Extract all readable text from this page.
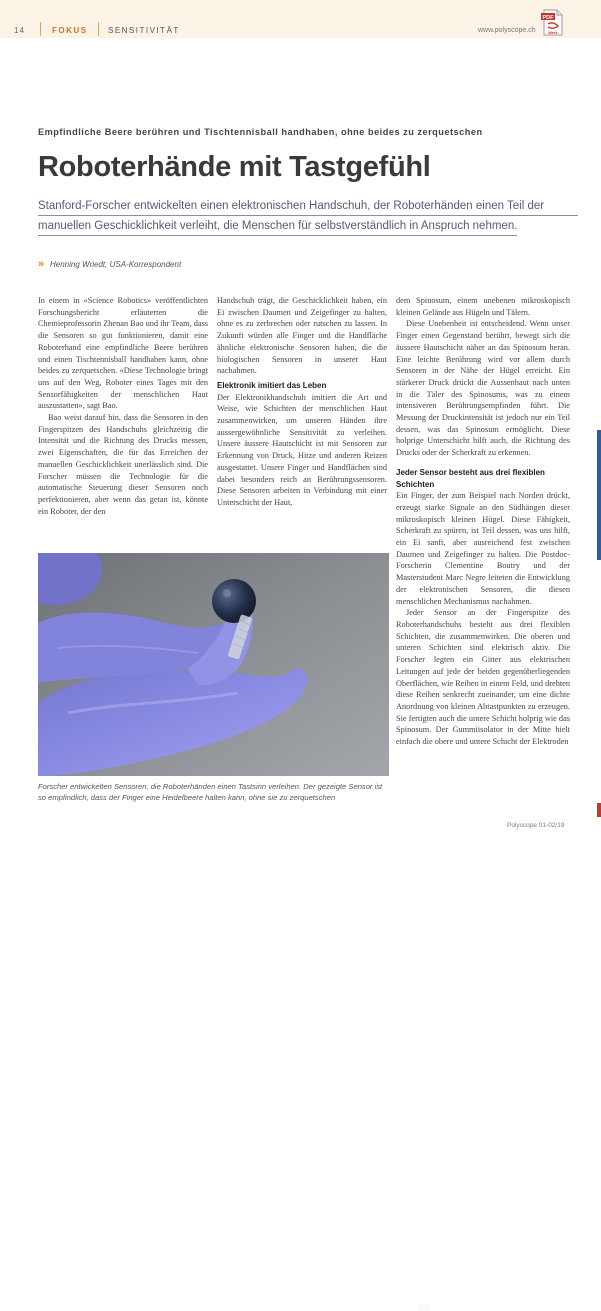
14	FOKUS	SENSITIVITÄT	www.polyscope.ch
PDF
Merk
Empfindliche Beere berühren und Tischtennisball handhaben, ohne beides zu zerquetschen
Roboterhände mit Tastgefühl
Stanford-Forscher entwickelten einen elektronischen Handschuh, der Roboterhänden einen Teil der
manuellen Geschicklichkeit verleiht, die Menschen für selbstverständlich in Anspruch nehmen.
» Henning Wriedt, USA-Korrespondent

In einem in «Science Robotics» veröffentlichten Forschungsbericht erläuterten die Chemieprofessorin Zhenan Bao und ihr Team, dass die Sensoren so gut funktionieren, damit eine Roboterhand eine empfindliche Beere berühren und einen Tischtennisball handhaben kann, ohne beides zu zerquetschen. «Diese Technologie bringt uns auf den Weg, Roboter eines Tages mit den Sensorfähigkeiten der menschlichen Haut auszustatten», sagt Bao.

Bao weist darauf hin, dass die Sensoren in den Fingerspitzen des Handschuhs gleichzeitig die Intensität und die Richtung des Drucks messen, zwei Eigenschaften, die für das Erreichen der manuellen Geschicklichkeit unerlässlich sind. Die Forscher müssen die Technologie für die automatische Steuerung dieser Sensoren noch perfektionieren, aber wenn das getan ist, könnte ein Roboter, der den

Handschuh trägt, die Geschicklichkeit haben, ein Ei zwischen Daumen und Zeigefinger zu halten, ohne es zu zerbrechen oder rutschen zu lassen. In Zukunft würden alle Finger und die Handfläche ähnliche elektronische Sensoren haben, die die biologischen Sensoren in unserer Haut nachahmen.

Elektronik imitiert das Leben

Der Elektronikhandschuh imitiert die Art und Weise, wie Schichten der menschlichen Haut zusammenwirken, um unseren Händen ihre aussergewöhnliche Sensitivität zu verleihen. Unsere äussere Hautschicht ist mit Sensoren zur Erkennung von Druck, Hitze und anderen Reizen ausgestattet. Unsere Finger und Handflächen sind dabei besonders reich an Berührungssensoren. Diese Sensoren arbeiten in Verbindung mit einer Unterschicht der Haut,

dem Spinosum, einem unebenen mikroskopisch kleinen Gelände aus Hügeln und Tälern.

Diese Unebenheit ist entscheidend. Wenn unser Finger einen Gegenstand berührt, bewegt sich die äussere Hautschicht näher an das Spinosum heran. Eine leichte Berührung wird vor allem durch Sensoren in der Nähe der Hügel erreicht. Ein stärkerer Druck drückt die Aussenhaut nach unten in die Täler des Spinosums, was zu einem intensiveren Berührungsempfinden führt. Die Messung der Druckintensität ist jedoch nur ein Teil dessen, was das Spinosum ermöglicht. Diese holprige Unterschicht hilft auch, die Richtung des Drucks oder der Scherkraft zu erkennen.

Jeder Sensor besteht aus drei flexiblen Schichten

Ein Finger, der zum Beispiel nach Norden drückt, erzeugt starke Signale an den Südhängen dieser mikroskopisch kleinen Hügel. Diese Fähigkeit, Scherkraft zu spüren, ist Teil dessen, was uns hilft, ein Ei sanft, aber ausreichend fest zwischen Daumen und Zeigefinger zu halten. Die Postdoc-Forscherin Clementine Boutry und der Masterstudent Marc Negre leiteten die Entwicklung der elektronischen Sensoren, die diesen menschlichen Mechanismus nachahmen.

Jeder Sensor an der Fingerspitze des Roboterhandschuhs besteht aus drei flexiblen Schichten, die zusammenwirken. Die oberen und unteren Schichten sind elektrisch aktiv. Die Forscher legten ein Gitter aus elektrischen Leitungen auf jede der beiden gegenüberliegenden Oberflächen, wie Reihen in einem Feld, und drehten diese Reihen senkrecht zueinander, um eine dichte Anordnung von kleinen Abtastpunkten zu erzeugen. Sie fertigten auch die untere Schicht holprig wie das Spinosum. Der Gummiisolator in der Mitte hielt einfach die obere und untere Schicht der Elektroden

RC-1/S
Forscher entwickelten Sensoren, die Roboterhänden einen Tastsinn verleihen. Der gezeigte Sensor ist so empfindlich, dass der Finger eine Heidelbeere halten kann, ohne sie zu zerquetschen
Polyscope 01-02/19
